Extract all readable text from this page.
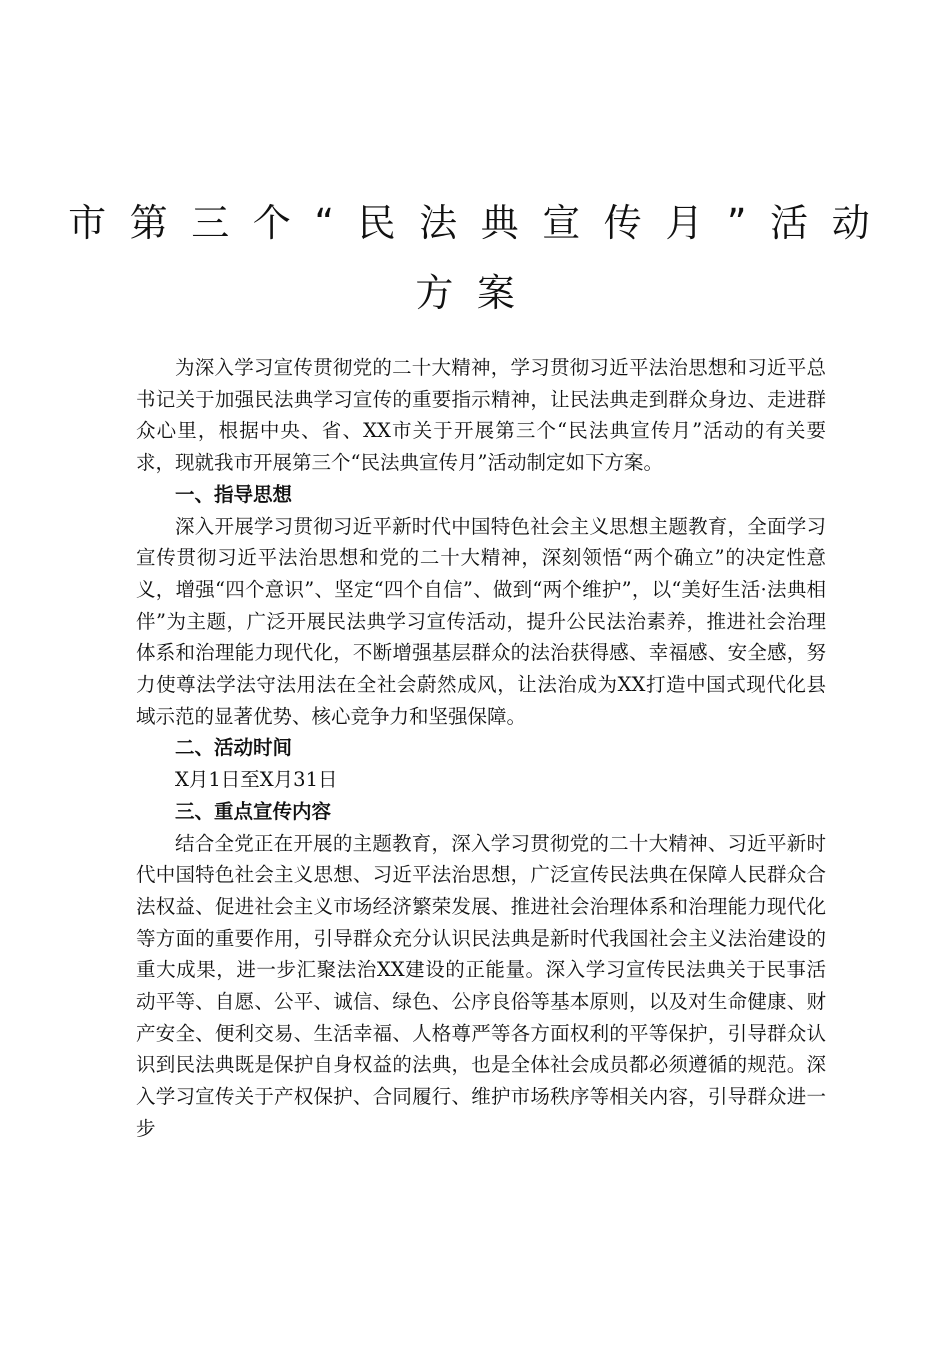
市第三个“民法典宣传月”活动
方案

为深入学习宣传贯彻党的二十大精神，学习贯彻习近平法治思想和习近平总书记关于加强民法典学习宣传的重要指示精神，让民法典走到群众身边、走进群众心里，根据中央、省、XX市关于开展第三个“民法典宣传月”活动的有关要求，现就我市开展第三个“民法典宣传月”活动制定如下方案。

一、指导思想

深入开展学习贯彻习近平新时代中国特色社会主义思想主题教育，全面学习宣传贯彻习近平法治思想和党的二十大精神，深刻领悟“两个确立”的决定性意义，增强“四个意识”、坚定“四个自信”、做到“两个维护”，以“美好生活·法典相伴”为主题，广泛开展民法典学习宣传活动，提升公民法治素养，推进社会治理体系和治理能力现代化，不断增强基层群众的法治获得感、幸福感、安全感，努力使尊法学法守法用法在全社会蔚然成风，让法治成为XX打造中国式现代化县域示范的显著优势、核心竞争力和坚强保障。

二、活动时间

X月1日至X月31日

三、重点宣传内容

结合全党正在开展的主题教育，深入学习贯彻党的二十大精神、习近平新时代中国特色社会主义思想、习近平法治思想，广泛宣传民法典在保障人民群众合法权益、促进社会主义市场经济繁荣发展、推进社会治理体系和治理能力现代化等方面的重要作用，引导群众充分认识民法典是新时代我国社会主义法治建设的重大成果，进一步汇聚法治XX建设的正能量。深入学习宣传民法典关于民事活动平等、自愿、公平、诚信、绿色、公序良俗等基本原则，以及对生命健康、财产安全、便利交易、生活幸福、人格尊严等各方面权利的平等保护，引导群众认识到民法典既是保护自身权益的法典，也是全体社会成员都必须遵循的规范。深入学习宣传关于产权保护、合同履行、维护市场秩序等相关内容，引导群众进一步
